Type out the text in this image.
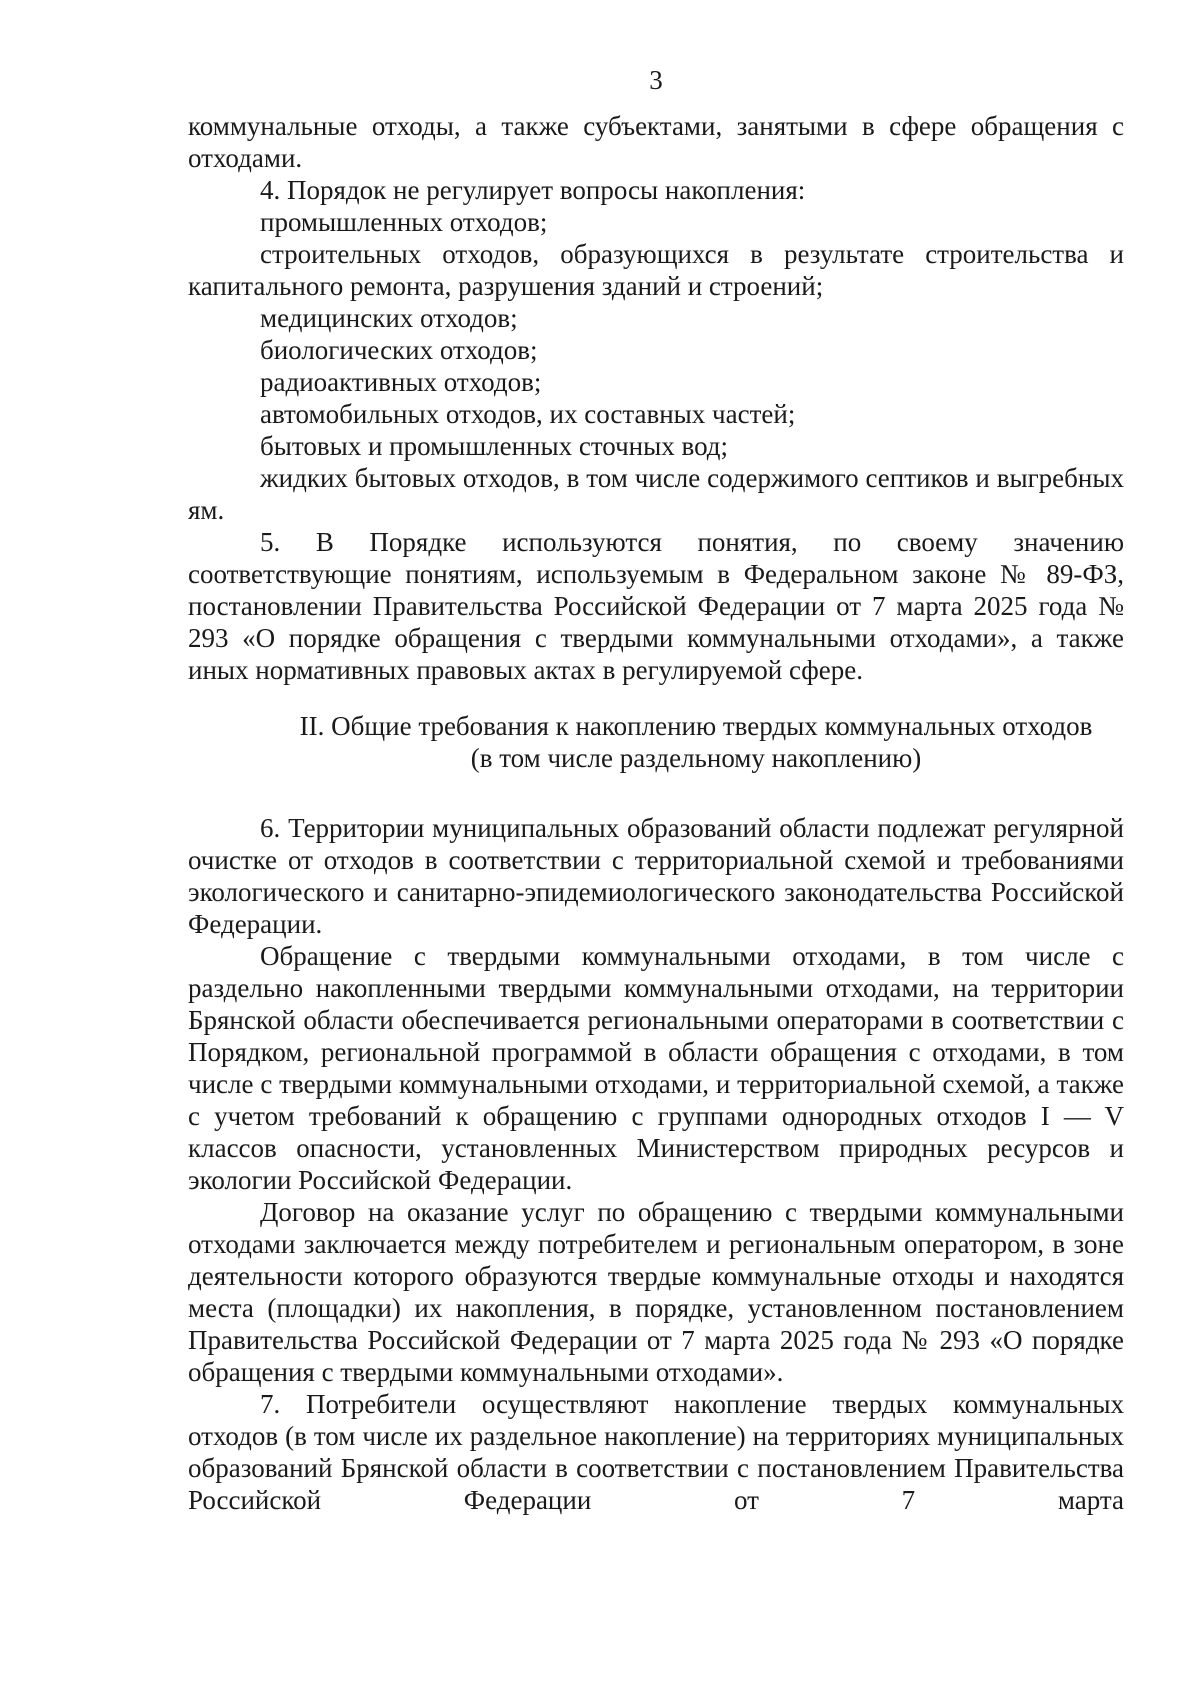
3

коммунальные отходы, а также субъектами, занятыми в сфере обращения с отходами.

4. Порядок не регулирует вопросы накопления:

промышленных отходов;

строительных отходов, образующихся в результате строительства и капитального ремонта, разрушения зданий и строений;

медицинских отходов;

биологических отходов;

радиоактивных отходов;

автомобильных отходов, их составных частей;

бытовых и промышленных сточных вод;

жидких бытовых отходов, в том числе содержимого септиков и выгребных ям.

5. В Порядке используются понятия, по своему значению соответствующие понятиям, используемым в Федеральном законе № 89-ФЗ, постановлении Правительства Российской Федерации от 7 марта 2025 года № 293 «О порядке обращения с твердыми коммунальными отходами», а также иных нормативных правовых актах в регулируемой сфере.

II. Общие требования к накоплению твердых коммунальных отходов

(в том числе раздельному накоплению)

6. Территории муниципальных образований области подлежат регулярной очистке от отходов в соответствии с территориальной схемой и требованиями экологического и санитарно-эпидемиологического законодательства Российской Федерации.

Обращение с твердыми коммунальными отходами, в том числе с раздельно накопленными твердыми коммунальными отходами, на территории Брянской области обеспечивается региональными операторами в соответствии с Порядком, региональной программой в области обращения с отходами, в том числе с твердыми коммунальными отходами, и территориальной схемой, а также с учетом требований к обращению с группами однородных отходов I — V классов опасности, установленных Министерством природных ресурсов и экологии Российской Федерации.

Договор на оказание услуг по обращению с твердыми коммунальными отходами заключается между потребителем и региональным оператором, в зоне деятельности которого образуются твердые коммунальные отходы и находятся места (площадки) их накопления, в порядке, установленном постановлением Правительства Российской Федерации от 7 марта 2025 года № 293 «О порядке обращения с твердыми коммунальными отходами».

7. Потребители осуществляют накопление твердых коммунальных отходов (в том числе их раздельное накопление) на территориях муниципальных образований Брянской области в соответствии с постановлением Правительства Российской Федерации от 7 марта
